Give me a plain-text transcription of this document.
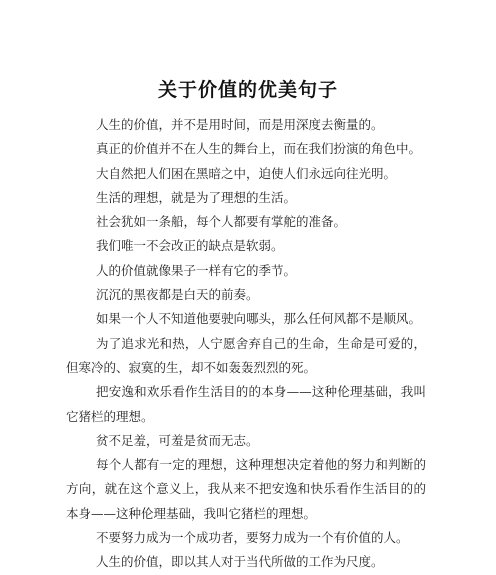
关于价值的优美句子

人生的价值，并不是用时间，而是用深度去衡量的。

真正的价值并不在人生的舞台上，而在我们扮演的角色中。

大自然把人们困在黑暗之中，迫使人们永远向往光明。

生活的理想，就是为了理想的生活。

社会犹如一条船，每个人都要有掌舵的准备。

我们唯一不会改正的缺点是软弱。

人的价值就像果子一样有它的季节。

沉沉的黑夜都是白天的前奏。

如果一个人不知道他要驶向哪头，那么任何风都不是顺风。

为了追求光和热，人宁愿舍弃自己的生命，生命是可爱的，但寒冷的、寂寞的生，却不如轰轰烈烈的死。

把安逸和欢乐看作生活目的的本身——这种伦理基础，我叫它猪栏的理想。

贫不足羞，可羞是贫而无志。

每个人都有一定的理想，这种理想决定着他的努力和判断的方向，就在这个意义上，我从来不把安逸和快乐看作生活目的的本身——这种伦理基础，我叫它猪栏的理想。

不要努力成为一个成功者，要努力成为一个有价值的人。

人生的价值，即以其人对于当代所做的工作为尺度。
